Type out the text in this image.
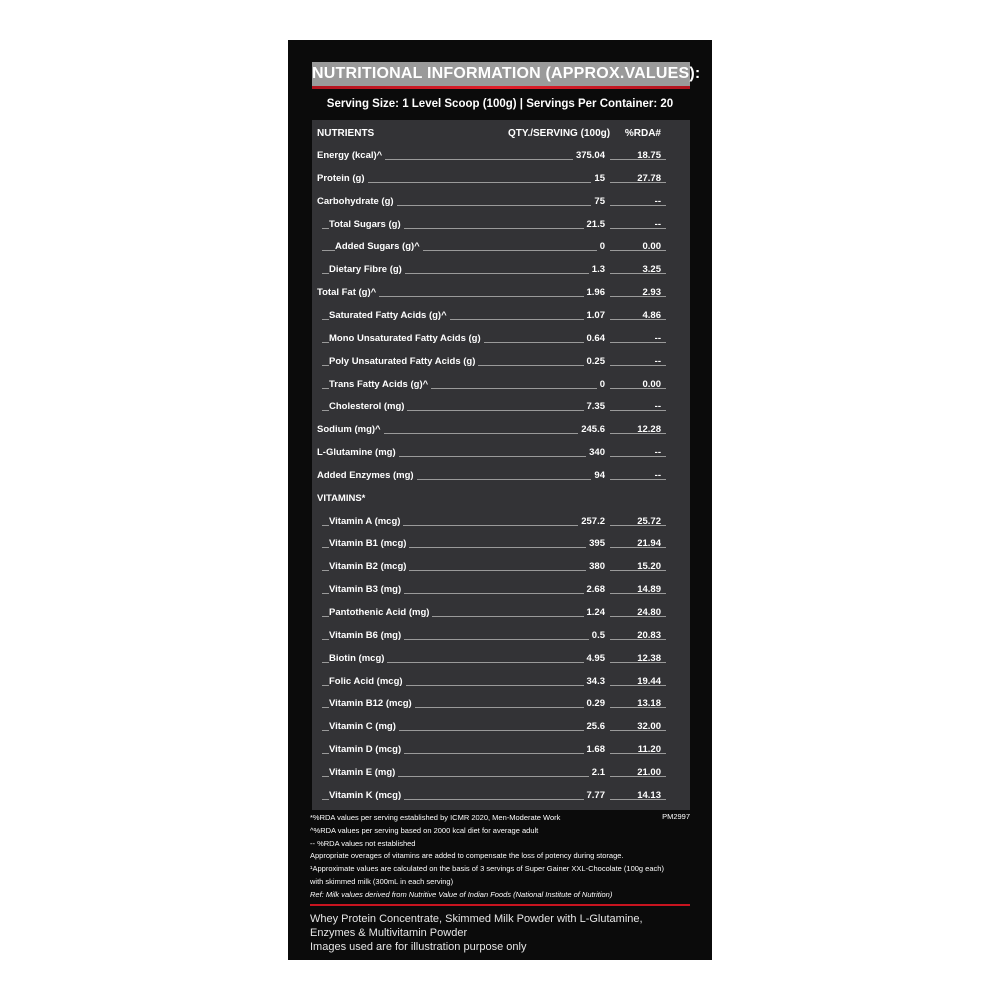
NUTRITIONAL INFORMATION (APPROX.VALUES):
Serving Size: 1 Level Scoop (100g) | Servings Per Container: 20
NUTRIENTS	QTY./SERVING (100g) %RDA#
Energy (kcal)^	375.04	18.75
Protein (g)	15	27.78
Carbohydrate (g)	75	--
Total Sugars (g)	21.5	--
Added Sugars (g)^	0	0.00
Dietary Fibre (g)	1.3	3.25
Total Fat (g)^	1.96	2.93
Saturated Fatty Acids (g)^	1.07	4.86
Mono Unsaturated Fatty Acids (g)	0.64	--
Poly Unsaturated Fatty Acids (g)	0.25	--
Trans Fatty Acids (g)^	0	0.00
Cholesterol (mg)	7.35	--
Sodium (mg)^	245.6	12.28
L-Glutamine (mg)	340	--
Added Enzymes (mg)	94	--
VITAMINS*
Vitamin A (mcg)	257.2	25.72
Vitamin B1 (mcg)	395	21.94
Vitamin B2 (mcg)	380	15.20
Vitamin B3 (mg)	2.68	14.89
Pantothenic Acid (mg)	1.24	24.80
Vitamin B6 (mg)	0.5	20.83
Biotin (mcg)	4.95	12.38
Folic Acid (mcg)	34.3	19.44
Vitamin B12 (mcg)	0.29	13.18
Vitamin C (mg)	25.6	32.00
Vitamin D (mcg)	1.68	11.20
Vitamin E (mg)	2.1	21.00
Vitamin K (mcg)	7.77	14.13
*%RDA values per serving established by ICMR 2020, Men-Moderate Work
^%RDA values per serving based on 2000 kcal diet for average adult
-- %RDA values not established
Appropriate overages of vitamins are added to compensate the loss of potency during storage.
¹Approximate values are calculated on the basis of 3 servings of Super Gainer XXL-Chocolate (100g each)
with skimmed milk (300mL in each serving)
Ref: Milk values derived from Nutritive Value of Indian Foods (National Institute of Nutrition)
PM2997
Whey Protein Concentrate, Skimmed Milk Powder with L-Glutamine,
Enzymes & Multivitamin Powder
Images used are for illustration purpose only
